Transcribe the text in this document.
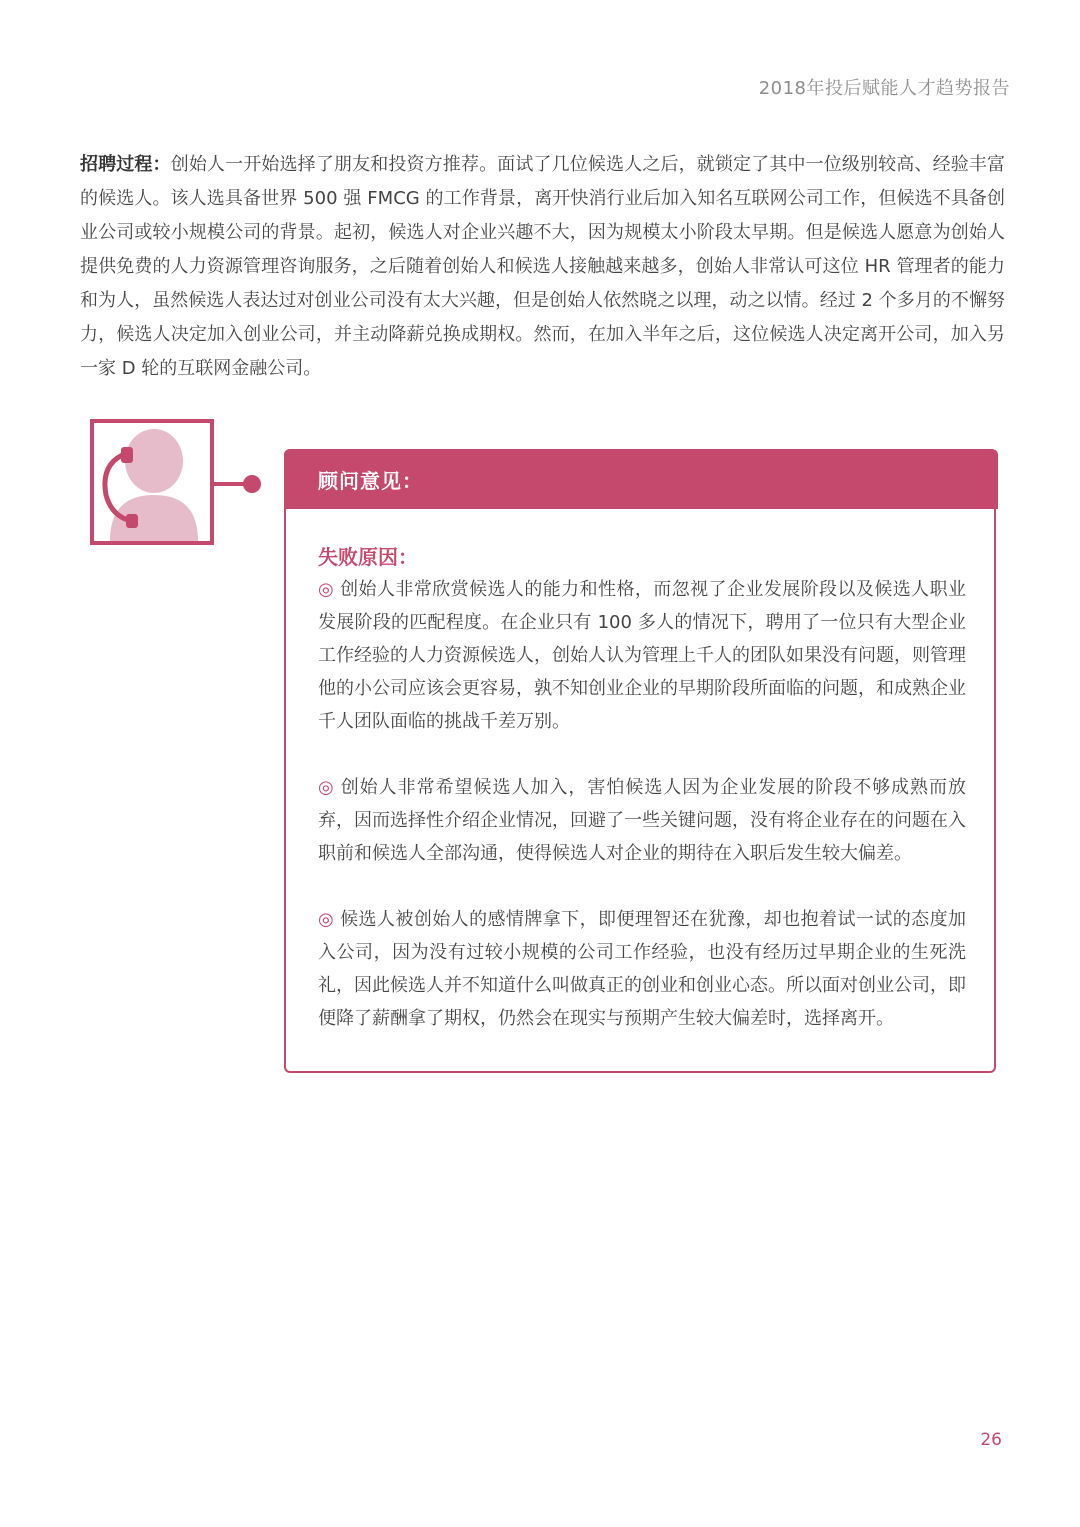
2018年投后赋能人才趋势报告

招聘过程：创始人一开始选择了朋友和投资方推荐。面试了几位候选人之后，就锁定了其中一位级别较高、经验丰富的候选人。该人选具备世界 500 强 FMCG 的工作背景，离开快消行业后加入知名互联网公司工作，但候选不具备创业公司或较小规模公司的背景。起初，候选人对企业兴趣不大，因为规模太小阶段太早期。但是候选人愿意为创始人提供免费的人力资源管理咨询服务，之后随着创始人和候选人接触越来越多，创始人非常认可这位 HR 管理者的能力和为人，虽然候选人表达过对创业公司没有太大兴趣，但是创始人依然晓之以理，动之以情。经过 2 个多月的不懈努力，候选人决定加入创业公司，并主动降薪兑换成期权。然而，在加入半年之后，这位候选人决定离开公司，加入另一家 D 轮的互联网金融公司。

顾问意见：
失败原因：

◎ 创始人非常欣赏候选人的能力和性格，而忽视了企业发展阶段以及候选人职业发展阶段的匹配程度。在企业只有 100 多人的情况下，聘用了一位只有大型企业工作经验的人力资源候选人，创始人认为管理上千人的团队如果没有问题，则管理他的小公司应该会更容易，孰不知创业企业的早期阶段所面临的问题，和成熟企业千人团队面临的挑战千差万别。

◎ 创始人非常希望候选人加入，害怕候选人因为企业发展的阶段不够成熟而放弃，因而选择性介绍企业情况，回避了一些关键问题，没有将企业存在的问题在入职前和候选人全部沟通，使得候选人对企业的期待在入职后发生较大偏差。

◎ 候选人被创始人的感情牌拿下，即便理智还在犹豫，却也抱着试一试的态度加入公司，因为没有过较小规模的公司工作经验，也没有经历过早期企业的生死洗礼，因此候选人并不知道什么叫做真正的创业和创业心态。所以面对创业公司，即便降了薪酬拿了期权，仍然会在现实与预期产生较大偏差时，选择离开。

26
